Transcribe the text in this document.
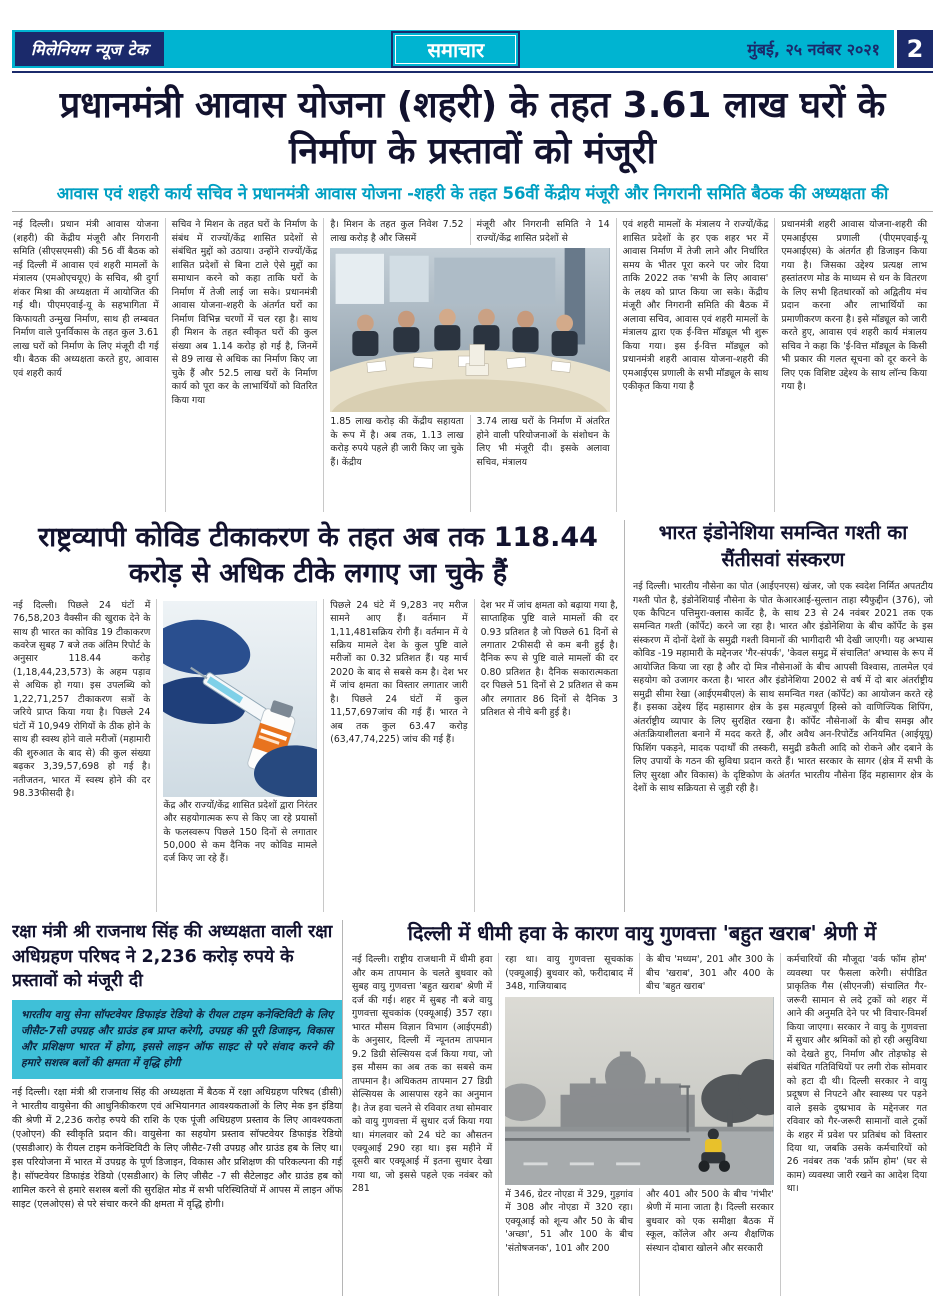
मिलेनियम न्यूज टेक	समाचार	मुंबई, २५ नवंबर २०२१	2
प्रधानमंत्री आवास योजना (शहरी) के तहत 3.61 लाख घरों के निर्माण के प्रस्तावों को मंजूरी
आवास एवं शहरी कार्य सचिव ने प्रधानमंत्री आवास योजना -शहरी के तहत 56वीं केंद्रीय मंजूरी और निगरानी समिति बैठक की अध्यक्षता की
नई दिल्ली। प्रधान मंत्री आवास योजना (शहरी) की केंद्रीय मंजूरी और निगरानी समिति (सीएसएमसी) की 56 वीं बैठक को नई दिल्ली में आवास एवं शहरी मामलों के मंत्रालय (एमओएचयूए) के सचिव, श्री दुर्गा शंकर मिश्रा की अध्यक्षता में आयोजित की गई थी। पीएमएवाई-यू के सहभागिता में किफायती उन्मुख निर्माण, साथ ही लम्बवत निर्माण वाले पुनर्विकास के तहत कुल 3.61 लाख घरों को निर्माण के लिए मंजूरी दी गई थी। बैठक की अध्यक्षता करते हुए, आवास एवं शहरी कार्य
सचिव ने मिशन के तहत घरों के निर्माण के संबंध में राज्यों/केंद्र शासित प्रदेशों से संबंधित मुद्दों को उठाया। उन्होंने राज्यों/केंद्र शासित प्रदेशों से बिना टाले ऐसे मुद्दों का समाधान करने को कहा ताकि घरों के निर्माण में तेजी लाई जा सके। प्रधानमंत्री आवास योजना-शहरी के अंतर्गत घरों का निर्माण विभिन्न चरणों में चल रहा है। साथ ही मिशन के तहत स्वीकृत घरों की कुल संख्या अब 1.14 करोड़ हो गई है, जिनमें से 89 लाख से अधिक का निर्माण किए जा चुके हैं और 52.5 लाख घरों के निर्माण कार्य को पूरा कर के लाभार्थियों को वितरित किया गया
है। मिशन के तहत कुल निवेश 7.52 लाख करोड़ है और जिसमें
मंजूरी और निगरानी समिति ने 14 राज्यों/केंद्र शासित प्रदेशों से
1.85 लाख करोड़ की केंद्रीय सहायता के रूप में है। अब तक, 1.13 लाख करोड़ रुपये पहले ही जारी किए जा चुके हैं। केंद्रीय
3.74 लाख घरों के निर्माण में अंतरित होने वाली परियोजनाओं के संशोधन के लिए भी मंजूरी दी। इसके अलावा सचिव, मंत्रालय
एवं शहरी मामलों के मंत्रालय ने राज्यों/केंद्र शासित प्रदेशों के हर एक शहर भर में आवास निर्माण में तेजी लाने और निर्धारित समय के भीतर पूरा करने पर जोर दिया ताकि 2022 तक 'सभी के लिए आवास' के लक्ष्य को प्राप्त किया जा सके। केंद्रीय मंजूरी और निगरानी समिति की बैठक में अलावा सचिव, आवास एवं शहरी मामलों के मंत्रालय द्वारा एक ई-वित्त मॉड्यूल भी शुरू किया गया। इस ई-वित्त मॉड्यूल को प्रधानमंत्री शहरी आवास योजना-शहरी की एमआईएस प्रणाली के सभी मॉड्यूल के साथ एकीकृत किया गया है
प्रधानमंत्री शहरी आवास योजना-शहरी की एमआईएस प्रणाली (पीएमएवाई-यू एमआईएस) के अंतर्गत ही डिजाइन किया गया है। जिसका उद्देश्य प्रत्यक्ष लाभ हस्तांतरण मोड के माध्यम से धन के वितरण के लिए सभी हितधारकों को अद्वितीय मंच प्रदान करना और लाभार्थियों का प्रमाणीकरण करना है। इसे मॉड्यूल को जारी करते हुए, आवास एवं शहरी कार्य मंत्रालय सचिव ने कहा कि 'ई-वित्त मॉड्यूल के किसी भी प्रकार की गलत सूचना को दूर करने के लिए एक विशिष्ट उद्देश्य के साथ लॉन्च किया गया है।
राष्ट्रव्यापी कोविड टीकाकरण के तहत अब तक 118.44 करोड़ से अधिक टीके लगाए जा चुके हैं
नई दिल्ली। पिछले 24 घंटों में 76,58,203 वैक्सीन की खुराक देने के साथ ही भारत का कोविड 19 टीकाकरण कवरेज सुबह 7 बजे तक अंतिम रिपोर्ट के अनुसार 118.44 करोड़ (1,18,44,23,573) के अहम पड़ाव से अधिक हो गया। इस उपलब्धि को 1,22,71,257 टीकाकरण सत्रों के जरिये प्राप्त किया गया है। पिछले 24 घंटों में 10,949 रोगियों के ठीक होने के साथ ही स्वस्थ होने वाले मरीजों (महामारी की शुरुआत के बाद से) की कुल संख्या बढ़कर 3,39,57,698 हो गई है। नतीजतन, भारत में स्वस्थ होने की दर 98.33फीसदी है।
केंद्र और राज्यों/केंद्र शासित प्रदेशों द्वारा निरंतर और सहयोगात्मक रूप से किए जा रहे प्रयासों के फलस्वरूप पिछले 150 दिनों से लगातार 50,000 से कम दैनिक नए कोविड मामले दर्ज किए जा रहे हैं।
पिछले 24 घंटे में 9,283 नए मरीज सामने आए हैं। वर्तमान में 1,11,481सक्रिय रोगी हैं। वर्तमान में ये सक्रिय मामले देश के कुल पुष्टि वाले मरीजों का 0.32 प्रतिशत हैं। यह मार्च 2020 के बाद से सबसे कम है। देश भर में जांच क्षमता का विस्तार लगातार जारी है। पिछले 24 घंटों में कुल 11,57,697जांच की गई हैं। भारत ने अब तक कुल 63.47 करोड़ (63,47,74,225) जांच की गई हैं।
देश भर में जांच क्षमता को बढ़ाया गया है, साप्ताहिक पुष्टि वाले मामलों की दर 0.93 प्रतिशत है जो पिछले 61 दिनों से लगातार 2फीसदी से कम बनी हुई है। दैनिक रूप से पुष्टि वाले मामलों की दर 0.80 प्रतिशत है। दैनिक सकारात्मकता दर पिछले 51 दिनों से 2 प्रतिशत से कम और लगातार 86 दिनों से दैनिक 3 प्रतिशत से नीचे बनी हुई है।
भारत इंडोनेशिया समन्वित गश्ती का सैंतीसवां संस्करण
नई दिल्ली। भारतीय नौसेना का पोत (आईएनएस) खंजर, जो एक स्वदेश निर्मित अपतटीय गश्ती पोत है, इंडोनेशियाई नौसेना के पोत केआरआई-सुल्तान ताहा स्यैफुद्दीन (376), जो एक कैपिटन पत्तिमुरा-क्लास कार्वेट है, के साथ 23 से 24 नवंबर 2021 तक एक समन्वित गश्ती (कॉर्पेट) करने जा रहा है। भारत और इंडोनेशिया के बीच कॉर्पेट के इस संस्करण में दोनों देशों के समुद्री गश्ती विमानों की भागीदारी भी देखी जाएगी। यह अभ्यास कोविड -19 महामारी के मद्देनजर 'गैर-संपर्क', 'केवल समुद्र में संचालित' अभ्यास के रूप में आयोजित किया जा रहा है और दो मित्र नौसेनाओं के बीच आपसी विश्वास, तालमेल एवं सहयोग को उजागर करता है। भारत और इंडोनेशिया 2002 से वर्ष में दो बार अंतर्राष्ट्रीय समुद्री सीमा रेखा (आईएमबीएल) के साथ समन्वित गश्त (कॉर्पेट) का आयोजन करते रहे हैं। इसका उद्देश्य हिंद महासागर क्षेत्र के इस महत्वपूर्ण हिस्से को वाणिज्यिक शिपिंग, अंतर्राष्ट्रीय व्यापार के लिए सुरक्षित रखना है। कॉर्पेट नौसेनाओं के बीच समझ और अंतःक्रियाशीलता बनाने में मदद करते हैं, और अवैध अन-रिपोर्टेड अनियमित (आईयूयू) फिशिंग पकड़ने, मादक पदार्थों की तस्करी, समुद्री डकैती आदि को रोकने और दबाने के लिए उपायों के गठन की सुविधा प्रदान करते हैं। भारत सरकार के सागर (क्षेत्र में सभी के लिए सुरक्षा और विकास) के दृष्टिकोण के अंतर्गत भारतीय नौसेना हिंद महासागर क्षेत्र के देशों के साथ सक्रियता से जुड़ी रही है।
रक्षा मंत्री श्री राजनाथ सिंह की अध्यक्षता वाली रक्षा अधिग्रहण परिषद ने 2,236 करोड़ रुपये के प्रस्तावों को मंजूरी दी
भारतीय वायु सेना सॉफ्टवेयर डिफाइंड रेडियो के रीयल टाइम कनेक्टिविटी के लिए जीसैट-7सी उपग्रह और ग्राउंड हब प्राप्त करेगी, उपग्रह की पूरी डिजाइन, विकास और प्रशिक्षण भारत में होगा, इससे लाइन ऑफ साइट से परे संवाद करने की हमारे सशस्त्र बलों की क्षमता में वृद्धि होगी
नई दिल्ली। रक्षा मंत्री श्री राजनाथ सिंह की अध्यक्षता में बैठक में रक्षा अधिग्रहण परिषद (डीसी) ने भारतीय वायुसेना की आधुनिकीकरण एवं अभियानगत आवश्यकताओं के लिए मेक इन इंडिया की श्रेणी में 2,236 करोड़ रुपये की राशि के एक पूंजी अधिग्रहण प्रस्ताव के लिए आवश्यकता (एओएन) की स्वीकृति प्रदान की। वायुसेना का सहयोग प्रस्ताव सॉफ्टवेयर डिफाइंड रेडियो (एसडीआर) के रीयल टाइम कनेक्टिविटी के लिए जीसैट-7सी उपग्रह और ग्राउंड हब के लिए था। इस परियोजना में भारत में उपग्रह के पूर्ण डिजाइन, विकास और प्रशिक्षण की परिकल्पना की गई है। सॉफ्टवेयर डिफाइंड रेडियो (एसडीआर) के लिए जीसैट -7 सी सैटेलाइट और ग्राउंड हब को शामिल करने से हमारे सशस्त्र बलों की सुरक्षित मोड में सभी परिस्थितियों में आपस में लाइन ऑफ साइट (एलओएस) से परे संचार करने की क्षमता में वृद्धि होगी।
दिल्ली में धीमी हवा के कारण वायु गुणवत्ता 'बहुत खराब' श्रेणी में
नई दिल्ली। राष्ट्रीय राजधानी में धीमी हवा और कम तापमान के चलते बुधवार को सुबह वायु गुणवत्ता 'बहुत खराब' श्रेणी में दर्ज की गई। शहर में सुबह नौ बजे वायु गुणवत्ता सूचकांक (एक्यूआई) 357 रहा। भारत मौसम विज्ञान विभाग (आईएमडी) के अनुसार, दिल्ली में न्यूनतम तापमान 9.2 डिग्री सेल्सियस दर्ज किया गया, जो इस मौसम का अब तक का सबसे कम तापमान है। अधिकतम तापमान 27 डिग्री सेल्सियस के आसपास रहने का अनुमान है। तेज हवा चलने से रविवार तथा सोमवार को वायु गुणवत्ता में सुधार दर्ज किया गया था। मंगलवार को 24 घंटे का औसतन एक्यूआई 290 रहा था। इस महीने में दूसरी बार एक्यूआई में इतना सुधार देखा गया था, जो इससे पहले एक नवंबर को 281
रहा था। वायु गुणवत्ता सूचकांक (एक्यूआई) बुधवार को, फरीदाबाद में 348, गाजियाबाद
के बीच 'मध्यम', 201 और 300 के बीच 'खराब', 301 और 400 के बीच 'बहुत खराब'
में 346, ग्रेटर नोएडा में 329, गुड़गांव में 308 और नोएडा में 320 रहा। एक्यूआई को शून्य और 50 के बीच 'अच्छा', 51 और 100 के बीच 'संतोषजनक', 101 और 200
और 401 और 500 के बीच 'गंभीर' श्रेणी में माना जाता है। दिल्ली सरकार बुधवार को एक समीक्षा बैठक में स्कूल, कॉलेज और अन्य शैक्षणिक संस्थान दोबारा खोलने और सरकारी
कर्मचारियों की मौजूदा 'वर्क फॉम होम' व्यवस्था पर फैसला करेगी। संपीडित प्राकृतिक गैस (सीएनजी) संचालित गैर-जरूरी सामान से लदे ट्रकों को शहर में आने की अनुमति देने पर भी विचार-विमर्श किया जाएगा। सरकार ने वायु के गुणवत्ता में सुधार और श्रमिकों को हो रही असुविधा को देखते हुए, निर्माण और तोड़फोड़ से संबंधित गतिविधियों पर लगी रोक सोमवार को हटा दी थी। दिल्ली सरकार ने वायु प्रदूषण से निपटने और स्वास्थ्य पर पड़ने वाले इसके दुष्प्रभाव के मद्देनजर गत रविवार को गैर-जरूरी सामानों वाले ट्रकों के शहर में प्रवेश पर प्रतिबंध को विस्तार दिया था, जबकि उसके कर्मचारियों को 26 नवंबर तक 'वर्क फ्रॉम होम' (घर से काम) व्यवस्था जारी रखने का आदेश दिया था।
